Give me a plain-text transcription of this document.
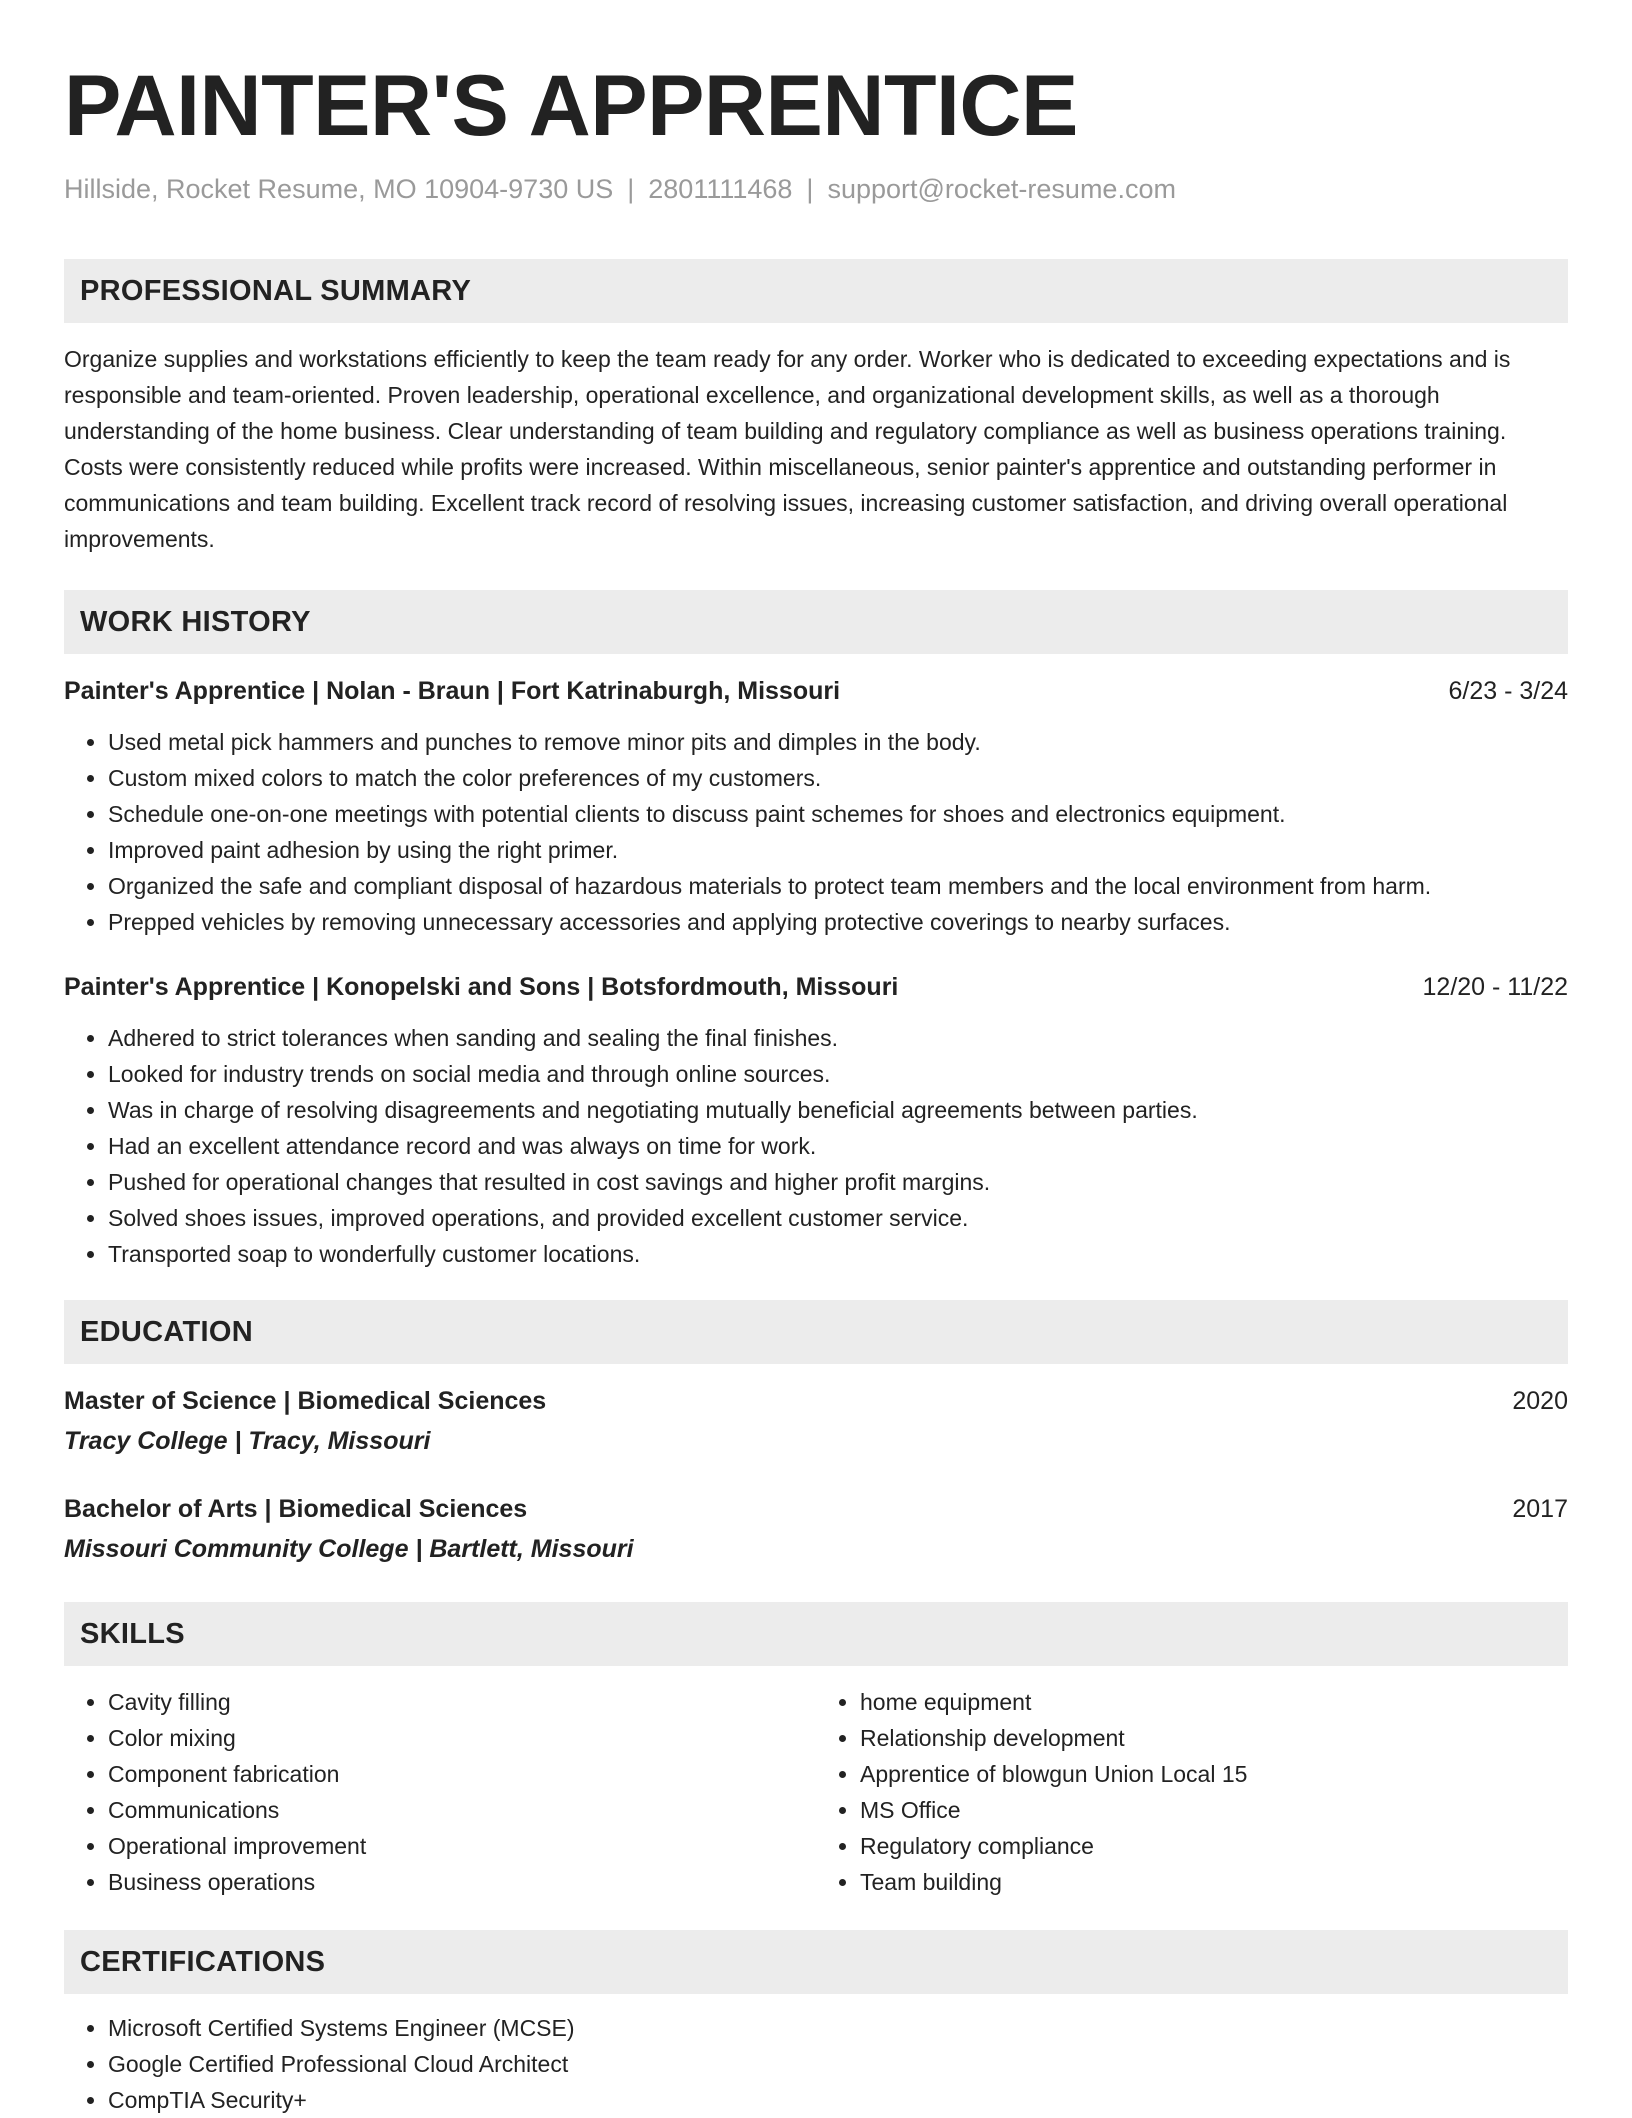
PAINTER'S APPRENTICE
Hillside, Rocket Resume, MO 10904-9730 US | 2801111468 | support@rocket-resume.com
PROFESSIONAL SUMMARY

Organize supplies and workstations efficiently to keep the team ready for any order. Worker who is dedicated to exceeding expectations and is responsible and team-oriented. Proven leadership, operational excellence, and organizational development skills, as well as a thorough understanding of the home business. Clear understanding of team building and regulatory compliance as well as business operations training. Costs were consistently reduced while profits were increased. Within miscellaneous, senior painter's apprentice and outstanding performer in communications and team building. Excellent track record of resolving issues, increasing customer satisfaction, and driving overall operational improvements.

WORK HISTORY
Painter's Apprentice | Nolan - Braun | Fort Katrinaburgh, Missouri	6/23 - 3/24
• Used metal pick hammers and punches to remove minor pits and dimples in the body.
• Custom mixed colors to match the color preferences of my customers.
• Schedule one-on-one meetings with potential clients to discuss paint schemes for shoes and electronics equipment.
• Improved paint adhesion by using the right primer.
• Organized the safe and compliant disposal of hazardous materials to protect team members and the local environment from harm.
• Prepped vehicles by removing unnecessary accessories and applying protective coverings to nearby surfaces.
Painter's Apprentice | Konopelski and Sons | Botsfordmouth, Missouri	12/20 - 11/22
• Adhered to strict tolerances when sanding and sealing the final finishes.
• Looked for industry trends on social media and through online sources.
• Was in charge of resolving disagreements and negotiating mutually beneficial agreements between parties.
• Had an excellent attendance record and was always on time for work.
• Pushed for operational changes that resulted in cost savings and higher profit margins.
• Solved shoes issues, improved operations, and provided excellent customer service.
• Transported soap to wonderfully customer locations.
EDUCATION
Master of Science | Biomedical Sciences	2020
Tracy College | Tracy, Missouri
Bachelor of Arts | Biomedical Sciences	2017
Missouri Community College | Bartlett, Missouri
SKILLS
• Cavity filling
• Color mixing
• Component fabrication
• Communications
• Operational improvement
• Business operations
• home equipment
• Relationship development
• Apprentice of blowgun Union Local 15
• MS Office
• Regulatory compliance
• Team building
CERTIFICATIONS
• Microsoft Certified Systems Engineer (MCSE)
• Google Certified Professional Cloud Architect
• CompTIA Security+
